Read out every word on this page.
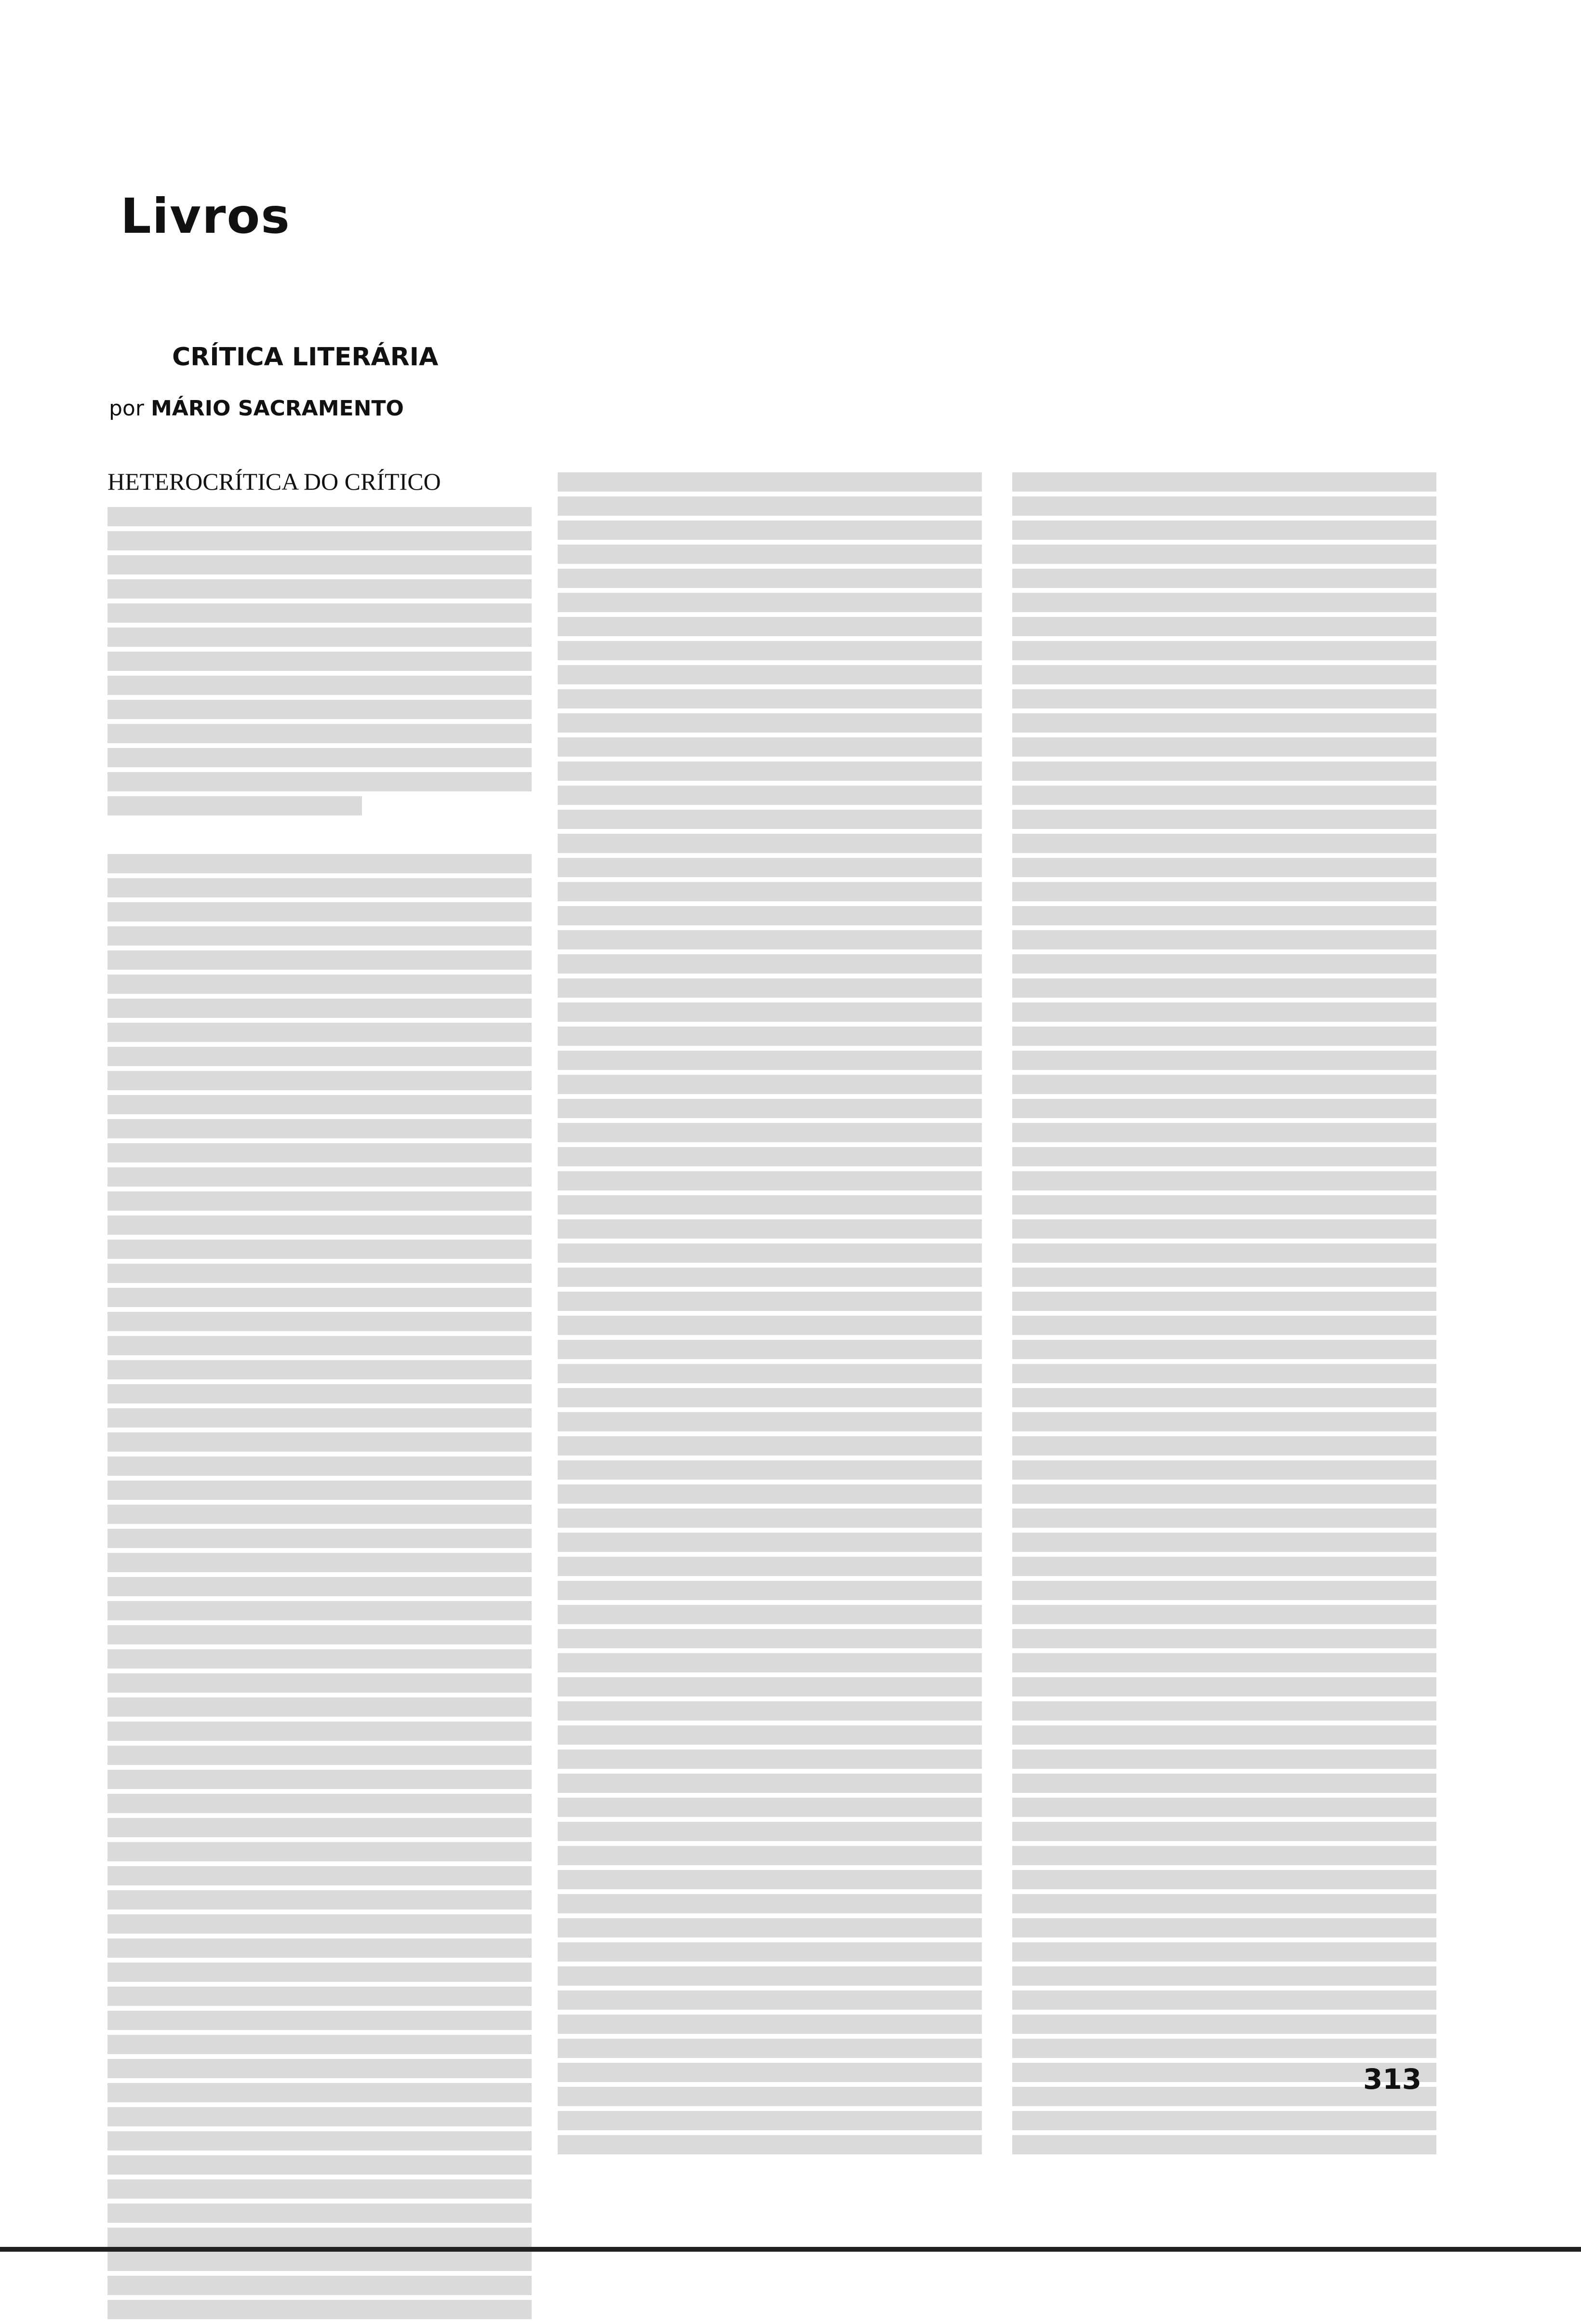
Livros
CRÍTICA LITERÁRIA
por MÁRIO SACRAMENTO
HETEROCRÍTICA DO CRÍTICO
313
